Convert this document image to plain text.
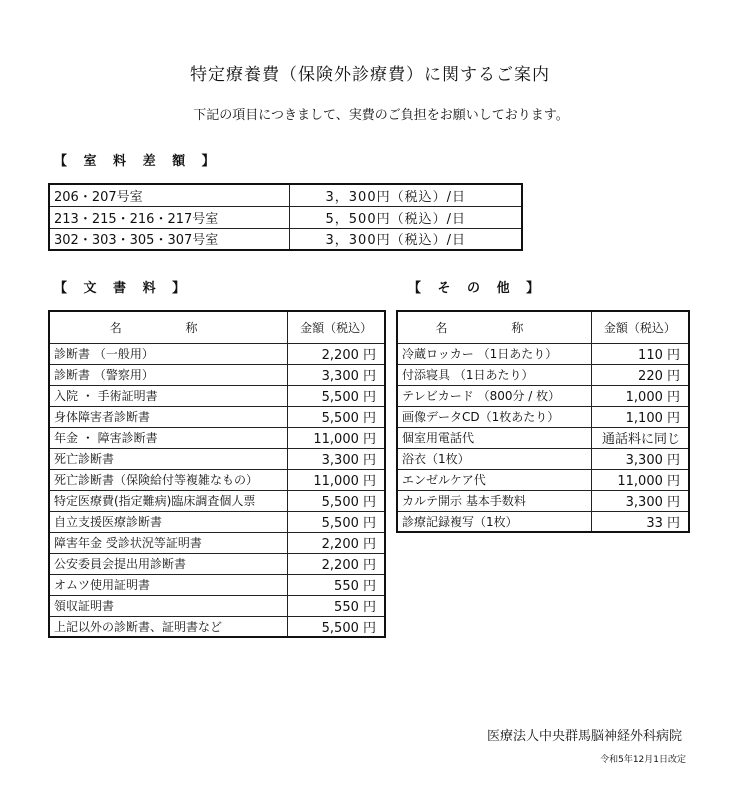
特定療養費（保険外診療費）に関するご案内
下記の項目につきまして、実費のご負担をお願いしております。
【 室 料 差 額 】
206・207号室	3，300円（税込）/日
213・215・216・217号室	5，500円（税込）/日
302・303・305・307号室	3，300円（税込）/日
【 文 書 料 】	【 そ の 他 】
名 称	金額（税込）
診断書 （一般用）	2,200 円
診断書 （警察用）	3,300 円
入院 ・ 手術証明書	5,500 円
身体障害者診断書	5,500 円
年金 ・ 障害診断書	11,000 円
死亡診断書	3,300 円
死亡診断書（保険給付等複雑なもの）	11,000 円
特定医療費(指定難病)臨床調査個人票	5,500 円
自立支援医療診断書	5,500 円
障害年金 受診状況等証明書	2,200 円
公安委員会提出用診断書	2,200 円
オムツ使用証明書	550 円
領収証明書	550 円
上記以外の診断書、証明書など	5,500 円
名 称	金額（税込）
冷蔵ロッカー （1日あたり）	110 円
付添寝具 （1日あたり）	220 円
テレビカード （800分 / 枚）	1,000 円
画像データCD（1枚あたり）	1,100 円
個室用電話代	通話料に同じ
浴衣（1枚）	3,300 円
エンゼルケア代	11,000 円
カルテ開示 基本手数料	3,300 円
診療記録複写（1枚）	33 円
医療法人中央群馬脳神経外科病院
令和5年12月1日改定
